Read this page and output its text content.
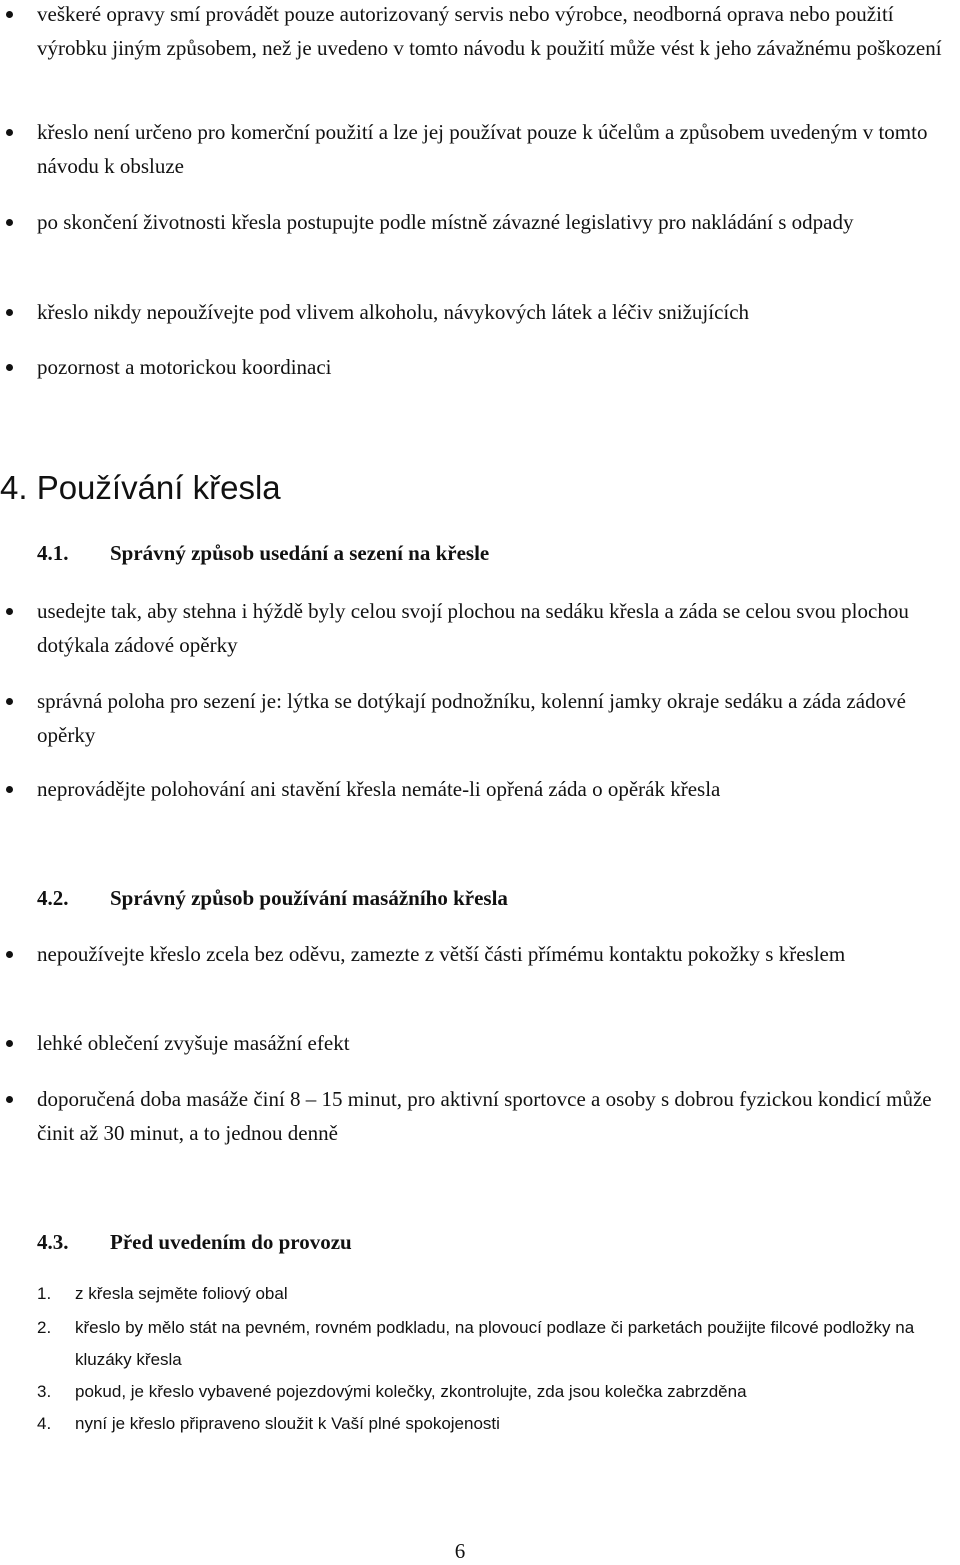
veškeré opravy smí provádět pouze autorizovaný servis nebo výrobce, neodborná oprava nebo použití výrobku jiným způsobem, než je uvedeno v tomto návodu k použití může vést k jeho závažnému poškození
křeslo není určeno pro komerční použití a lze jej používat pouze k účelům a způsobem uvedeným v tomto návodu k obsluze
po skončení životnosti křesla postupujte podle místně závazné legislativy pro nakládání s odpady
křeslo nikdy nepoužívejte pod vlivem alkoholu, návykových látek a léčiv snižujících
pozornost a motorickou koordinaci
4. Používání křesla
4.1. Správný způsob usedání a sezení na křesle
usedejte tak, aby stehna i hýždě byly celou svojí plochou na sedáku křesla a záda se celou svou plochou dotýkala zádové opěrky
správná poloha pro sezení je: lýtka se dotýkají podnožníku, kolenní jamky okraje sedáku a záda zádové opěrky
neprovádějte polohování ani stavění křesla nemáte-li opřená záda o opěrák křesla
4.2. Správný způsob používání masážního křesla
nepoužívejte křeslo zcela bez oděvu, zamezte z větší části přímému kontaktu pokožky s křeslem
lehké oblečení zvyšuje masážní efekt
doporučená doba masáže činí 8 – 15 minut, pro aktivní sportovce a osoby s dobrou fyzickou kondicí může činit až 30 minut, a to jednou denně
4.3. Před uvedením do provozu
1. z křesla sejměte foliový obal
2. křeslo by mělo stát na pevném, rovném podkladu, na plovoucí podlaze či parketách použijte filcové podložky na kluzáky křesla
3. pokud, je křeslo vybavené pojezdovými kolečky, zkontrolujte, zda jsou kolečka zabrzděna
4. nyní je křeslo připraveno sloužit k Vaší plné spokojenosti
6
